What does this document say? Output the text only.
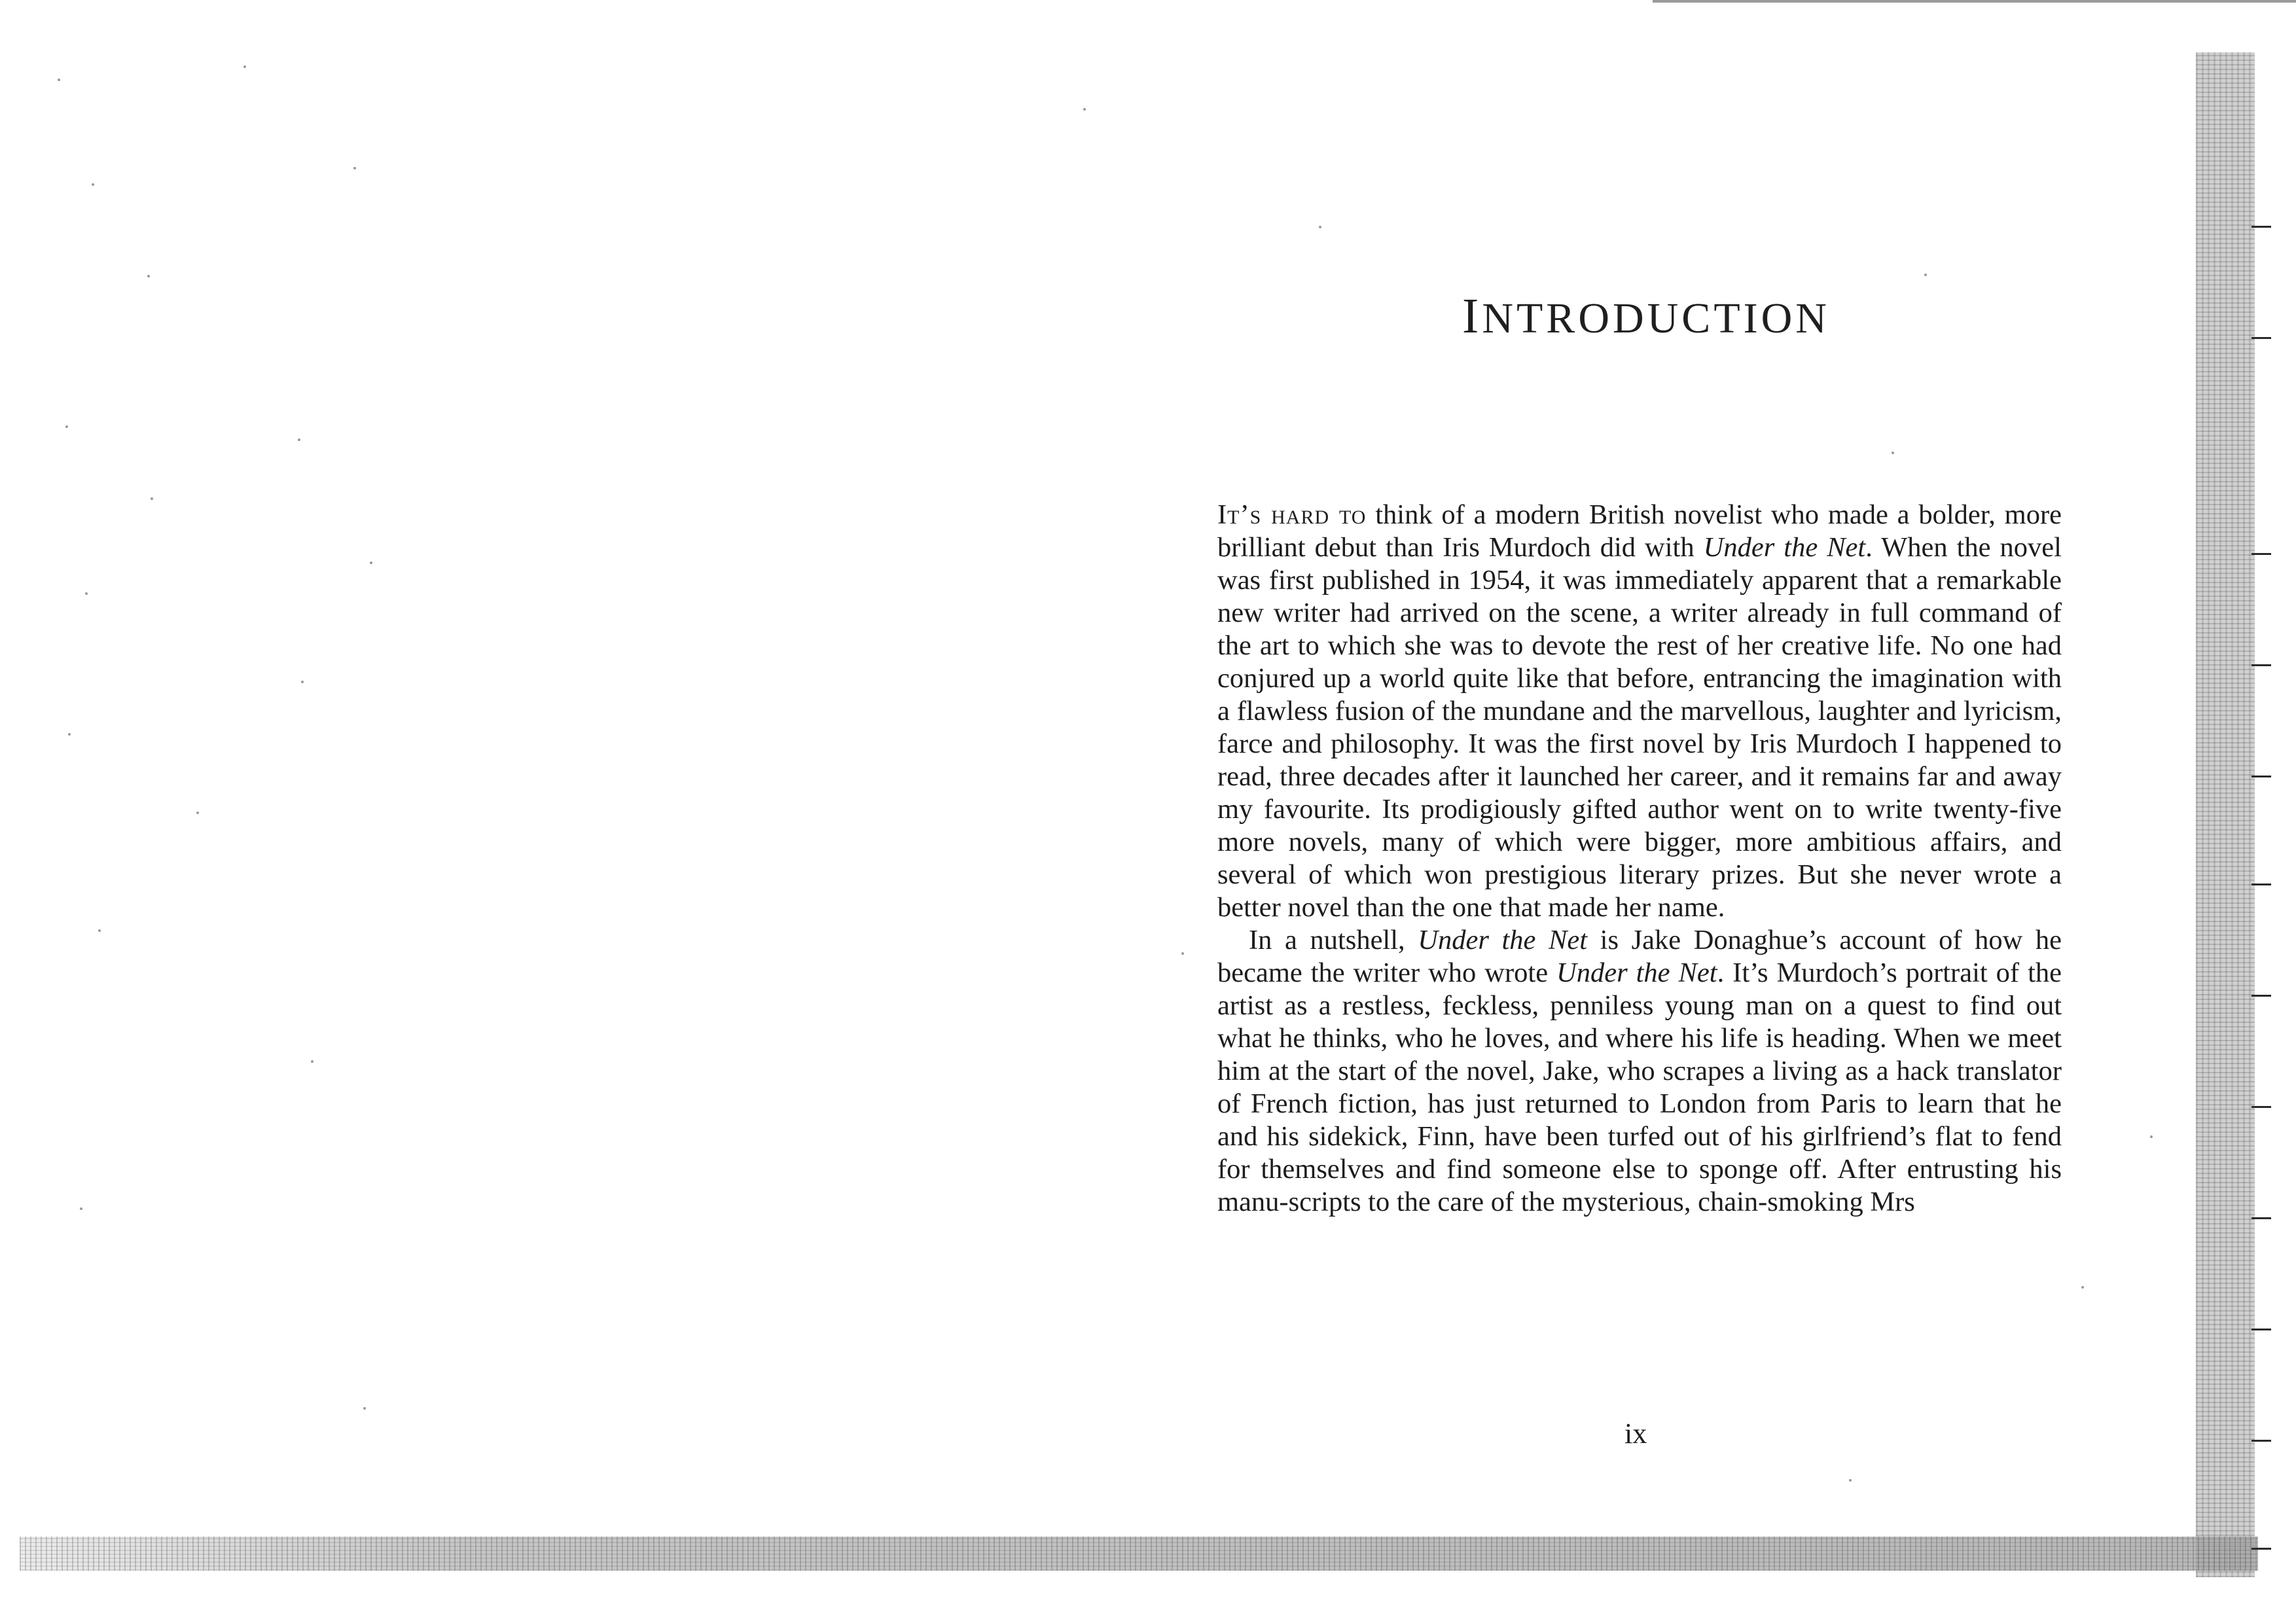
INTRODUCTION

It’s hard to think of a modern British novelist who made a bolder, more brilliant debut than Iris Murdoch did with Under the Net. When the novel was first published in 1954, it was immediately apparent that a remarkable new writer had arrived on the scene, a writer already in full command of the art to which she was to devote the rest of her creative life. No one had conjured up a world quite like that before, entrancing the imagination with a flawless fusion of the mundane and the marvellous, laughter and lyricism, farce and philosophy. It was the first novel by Iris Murdoch I happened to read, three decades after it launched her career, and it remains far and away my favourite. Its prodigiously gifted author went on to write twenty-five more novels, many of which were bigger, more ambitious affairs, and several of which won prestigious literary prizes. But she never wrote a better novel than the one that made her name.

In a nutshell, Under the Net is Jake Donaghue’s account of how he became the writer who wrote Under the Net. It’s Murdoch’s portrait of the artist as a restless, feckless, penniless young man on a quest to find out what he thinks, who he loves, and where his life is heading. When we meet him at the start of the novel, Jake, who scrapes a living as a hack translator of French fiction, has just returned to London from Paris to learn that he and his sidekick, Finn, have been turfed out of his girlfriend’s flat to fend for themselves and find someone else to sponge off. After entrusting his manu-scripts to the care of the mysterious, chain-smoking Mrs

ix
